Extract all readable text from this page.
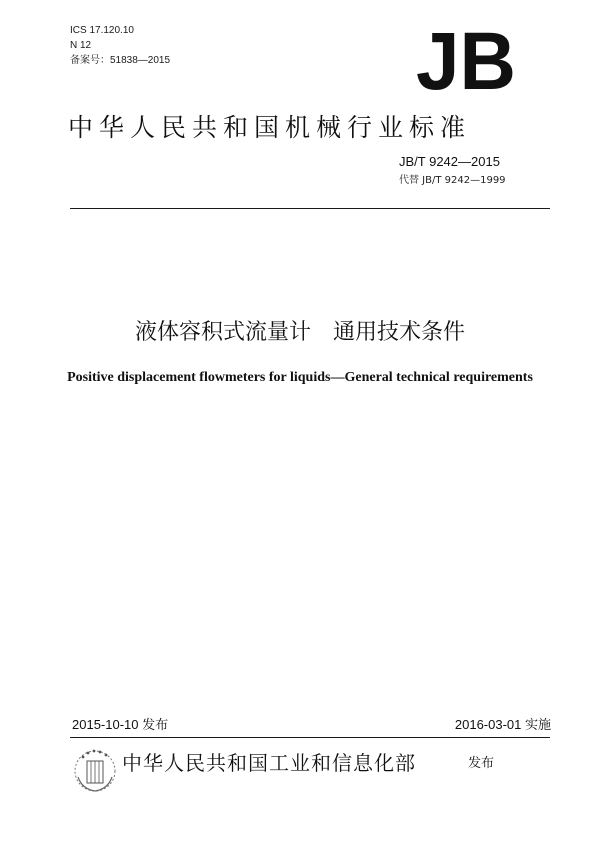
ICS 17.120.10
N 12
备案号：51838—2015	JB
中华人民共和国机械行业标准
JB/T 9242—2015
代替 JB/T 9242—1999
液体容积式流量计　通用技术条件
Positive displacement flowmeters for liquids—General technical requirements
2015-10-10 发布	2016-03-01 实施
中华人民共和国工业和信息化部	发布
